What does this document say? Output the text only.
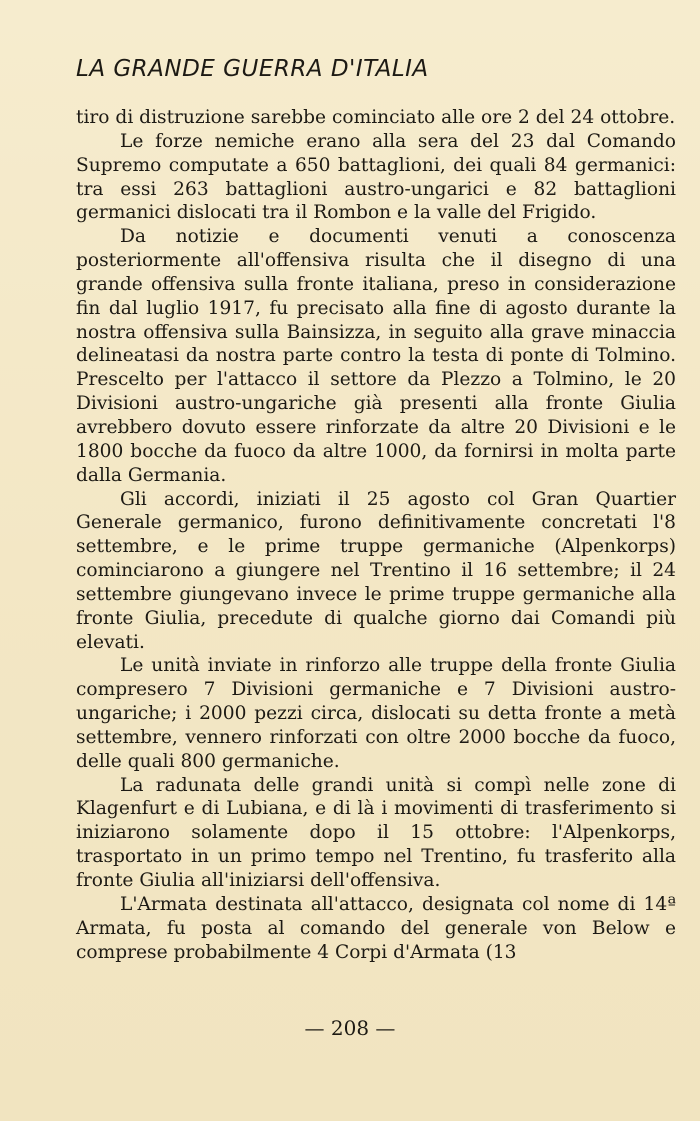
LA GRANDE GUERRA D'ITALIA

tiro di distruzione sarebbe cominciato alle ore 2 del 24 ottobre.

Le forze nemiche erano alla sera del 23 dal Comando Supremo computate a 650 battaglioni, dei quali 84 germanici: tra essi 263 battaglioni austro-ungarici e 82 battaglioni germanici dislocati tra il Rombon e la valle del Frigido.

Da notizie e documenti venuti a conoscenza posteriormente all'offensiva risulta che il disegno di una grande offensiva sulla fronte italiana, preso in considerazione fin dal luglio 1917, fu precisato alla fine di agosto durante la nostra offensiva sulla Bainsizza, in seguito alla grave minaccia delineatasi da nostra parte contro la testa di ponte di Tolmino. Prescelto per l'attacco il settore da Plezzo a Tolmino, le 20 Divisioni austro-ungariche già presenti alla fronte Giulia avrebbero dovuto essere rinforzate da altre 20 Divisioni e le 1800 bocche da fuoco da altre 1000, da fornirsi in molta parte dalla Germania.

Gli accordi, iniziati il 25 agosto col Gran Quartier Generale germanico, furono definitivamente concretati l'8 settembre, e le prime truppe germaniche (Alpenkorps) cominciarono a giungere nel Trentino il 16 settembre; il 24 settembre giungevano invece le prime truppe germaniche alla fronte Giulia, precedute di qualche giorno dai Comandi più elevati.

Le unità inviate in rinforzo alle truppe della fronte Giulia compresero 7 Divisioni germaniche e 7 Divisioni austro-ungariche; i 2000 pezzi circa, dislocati su detta fronte a metà settembre, vennero rinforzati con oltre 2000 bocche da fuoco, delle quali 800 germaniche.

La radunata delle grandi unità si compì nelle zone di Klagenfurt e di Lubiana, e di là i movimenti di trasferimento si iniziarono solamente dopo il 15 ottobre: l'Alpenkorps, trasportato in un primo tempo nel Trentino, fu trasferito alla fronte Giulia all'iniziarsi dell'offensiva.

L'Armata destinata all'attacco, designata col nome di 14ª Armata, fu posta al comando del generale von Below e comprese probabilmente 4 Corpi d'Armata (13

— 208 —
